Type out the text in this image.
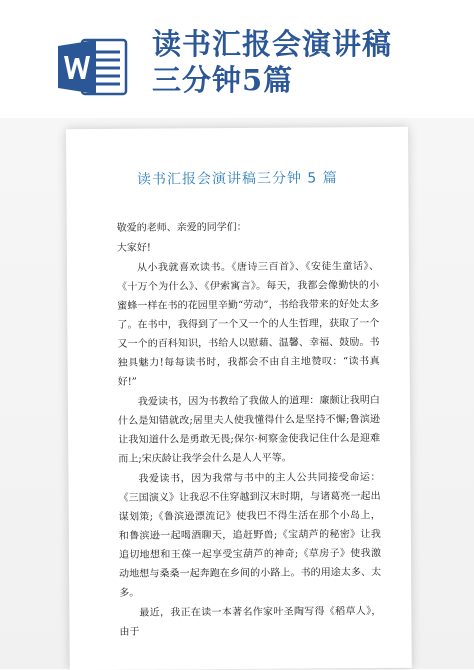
读书汇报会演讲稿
三分钟5篇
读书汇报会演讲稿三分钟 5 篇

敬爱的老师、亲爱的同学们：

大家好!

从小我就喜欢读书。《唐诗三百首》、《安徒生童话》、《十万个为什么》、《伊索寓言》。每天，我都会像勤快的小蜜蜂一样在书的花园里辛勤“劳动”，书给我带来的好处太多了。在书中，我得到了一个又一个的人生哲理，获取了一个又一个的百科知识，书给人以慰藉、温馨、幸福、鼓励。书独具魅力!每每读书时，我都会不由自主地赞叹：“读书真好!”

我爱读书，因为书教给了我做人的道理：廉颇让我明白什么是知错就改;居里夫人使我懂得什么是坚持不懈;鲁滨逊让我知道什么是勇敢无畏;保尔·柯察金使我记住什么是迎难而上;宋庆龄让我学会什么是人人平等。

我爱读书，因为我常与书中的主人公共同接受命运：《三国演义》让我忍不住穿越到汉末时期，与诸葛亮一起出谋划策;《鲁滨逊漂流记》使我巴不得生活在那个小岛上，和鲁滨逊一起喝酒聊天，追赶野兽;《宝葫芦的秘密》让我追切地想和王葆一起享受宝葫芦的神奇;《草房子》使我激动地想与桑桑一起奔跑在乡间的小路上。书的用途太多、太多。

最近，我正在读一本著名作家叶圣陶写得《稻草人》，由于
